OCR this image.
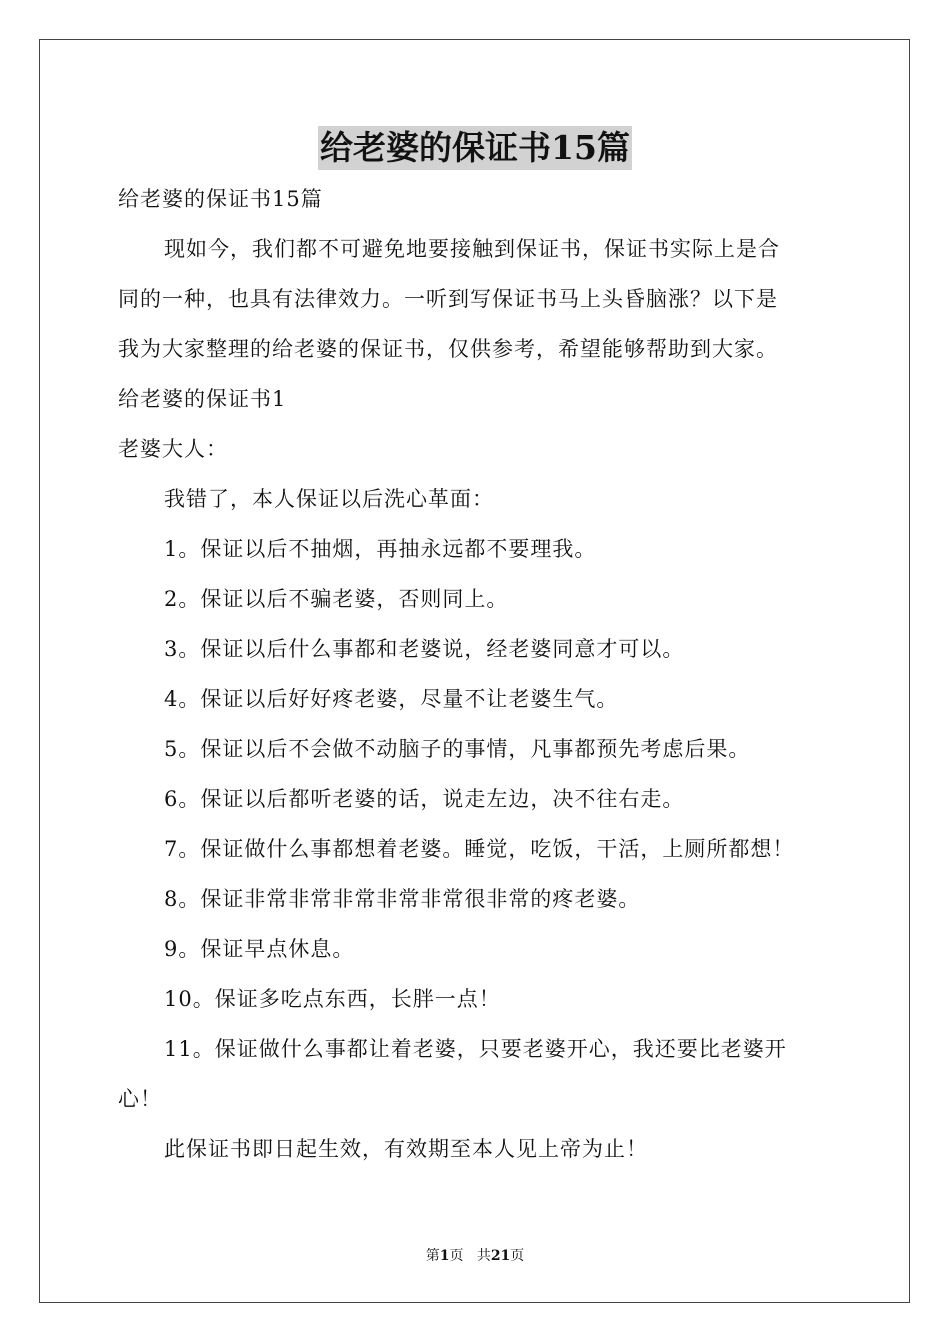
给老婆的保证书15篇
给老婆的保证书15篇
现如今，我们都不可避免地要接触到保证书，保证书实际上是合
同的一种，也具有法律效力。一听到写保证书马上头昏脑涨？以下是
我为大家整理的给老婆的保证书，仅供参考，希望能够帮助到大家。
给老婆的保证书1
老婆大人：
我错了，本人保证以后洗心革面：
1。保证以后不抽烟，再抽永远都不要理我。
2。保证以后不骗老婆，否则同上。
3。保证以后什么事都和老婆说，经老婆同意才可以。
4。保证以后好好疼老婆，尽量不让老婆生气。
5。保证以后不会做不动脑子的事情，凡事都预先考虑后果。
6。保证以后都听老婆的话，说走左边，决不往右走。
7。保证做什么事都想着老婆。睡觉，吃饭，干活，上厕所都想！
8。保证非常非常非常非常非常很非常的疼老婆。
9。保证早点休息。
10。保证多吃点东西，长胖一点！
11。保证做什么事都让着老婆，只要老婆开心，我还要比老婆开
心！
此保证书即日起生效，有效期至本人见上帝为止！
第1页 共21页
